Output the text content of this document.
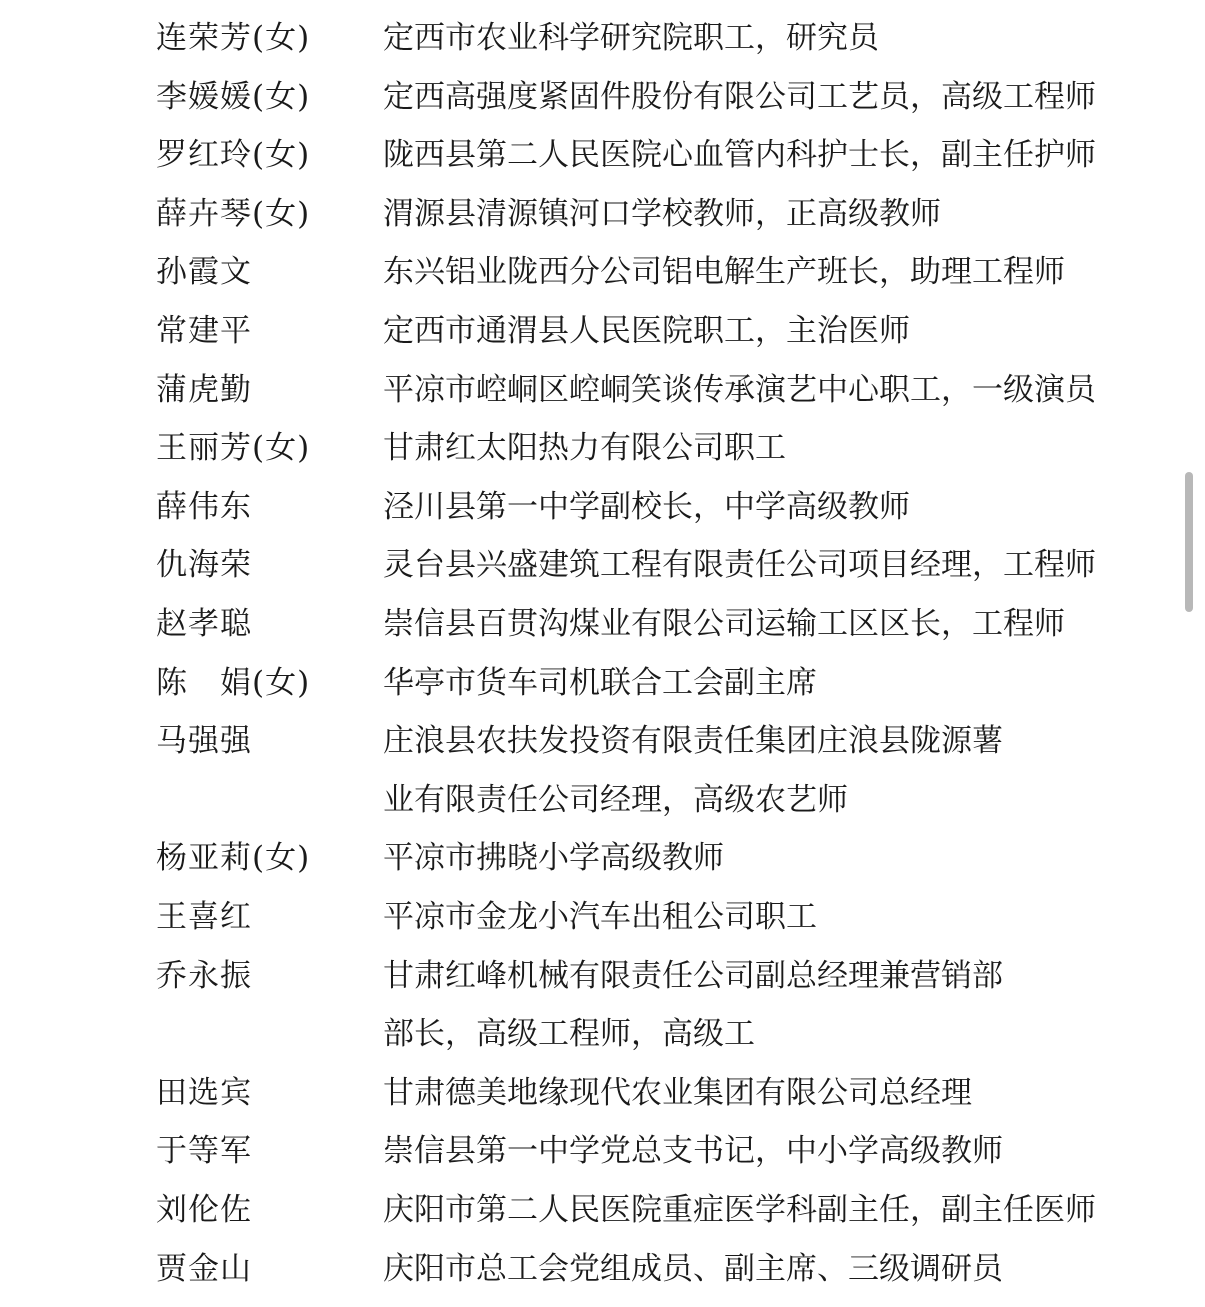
连荣芳(女) 定西市农业科学研究院职工，研究员
李媛媛(女) 定西高强度紧固件股份有限公司工艺员，高级工程师
罗红玲(女) 陇西县第二人民医院心血管内科护士长，副主任护师
薛卉琴(女) 渭源县清源镇河口学校教师，正高级教师
孙霞文	东兴铝业陇西分公司铝电解生产班长，助理工程师
常建平	定西市通渭县人民医院职工，主治医师
蒲虎勤	平凉市崆峒区崆峒笑谈传承演艺中心职工，一级演员
王丽芳(女) 甘肃红太阳热力有限公司职工
薛伟东	泾川县第一中学副校长，中学高级教师
仇海荣	灵台县兴盛建筑工程有限责任公司项目经理，工程师
赵孝聪	崇信县百贯沟煤业有限公司运输工区区长，工程师
陈　娟(女) 华亭市货车司机联合工会副主席
马强强	庄浪县农扶发投资有限责任集团庄浪县陇源薯
业有限责任公司经理，高级农艺师
杨亚莉(女) 平凉市拂晓小学高级教师
王喜红	平凉市金龙小汽车出租公司职工
乔永振	甘肃红峰机械有限责任公司副总经理兼营销部
部长，高级工程师，高级工
田选宾	甘肃德美地缘现代农业集团有限公司总经理
于等军	崇信县第一中学党总支书记，中小学高级教师
刘伦佐	庆阳市第二人民医院重症医学科副主任，副主任医师
贾金山	庆阳市总工会党组成员、副主席、三级调研员
